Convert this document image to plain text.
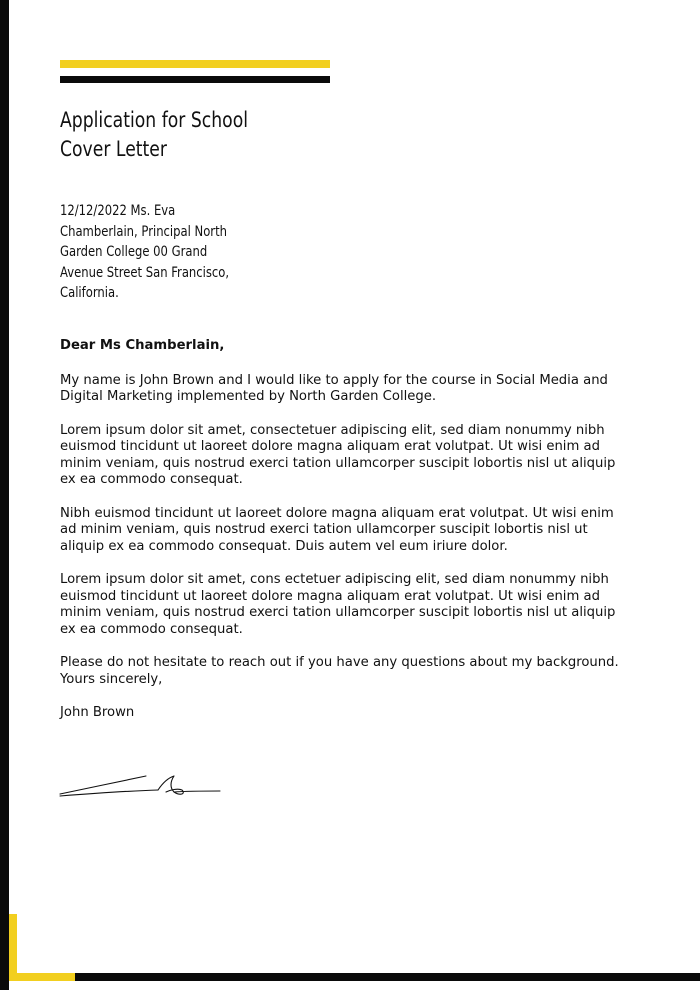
Application for School
Cover Letter
12/12/2022 Ms. Eva
Chamberlain, Principal North
Garden College 00 Grand
Avenue Street San Francisco,
California.

Dear Ms Chamberlain,

My name is John Brown and I would like to apply for the course in Social Media and
Digital Marketing implemented by North Garden College.
Lorem ipsum dolor sit amet, consectetuer adipiscing elit, sed diam nonummy nibh
euismod tincidunt ut laoreet dolore magna aliquam erat volutpat. Ut wisi enim ad
minim veniam, quis nostrud exerci tation ullamcorper suscipit lobortis nisl ut aliquip
ex ea commodo consequat.
Nibh euismod tincidunt ut laoreet dolore magna aliquam erat volutpat. Ut wisi enim
ad minim veniam, quis nostrud exerci tation ullamcorper suscipit lobortis nisl ut
aliquip ex ea commodo consequat. Duis autem vel eum iriure dolor.
Lorem ipsum dolor sit amet, cons ectetuer adipiscing elit, sed diam nonummy nibh
euismod tincidunt ut laoreet dolore magna aliquam erat volutpat. Ut wisi enim ad
minim veniam, quis nostrud exerci tation ullamcorper suscipit lobortis nisl ut aliquip
ex ea commodo consequat.
Please do not hesitate to reach out if you have any questions about my background.
Yours sincerely,

John Brown
